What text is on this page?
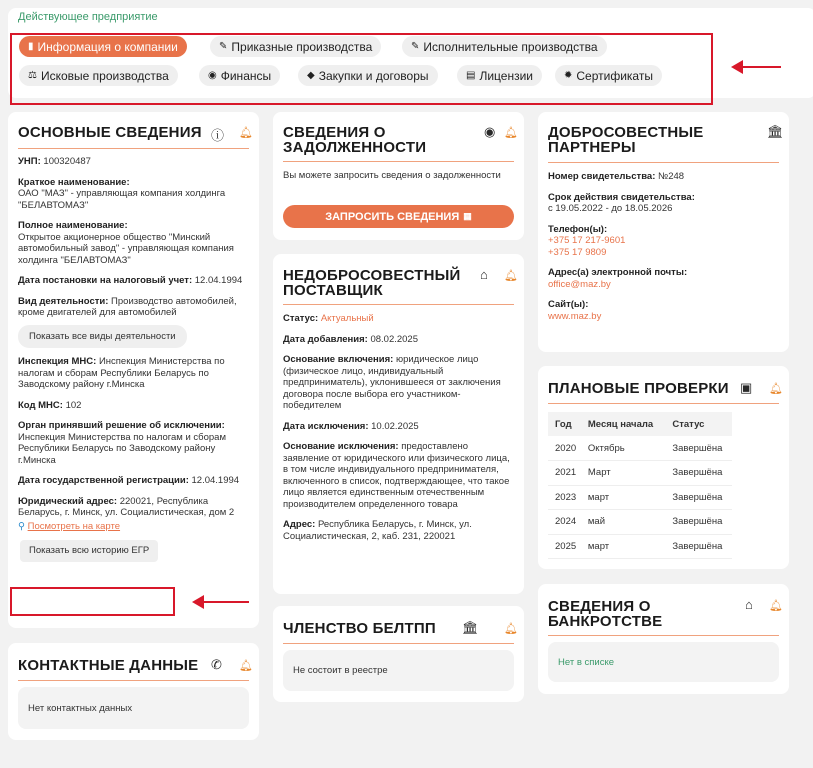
Действующее предприятие
▮ Информация о компании	✎ Приказные производства	✎ Исполнительные производства
⚖ Исковые производства	◉ Финансы	◆ Закупки и договоры	▤ Лицензии	✹ Сертификаты
ОСНОВНЫЕ СВЕДЕНИЯ ⓘ 🔔︎
УНП: 100320487
Краткое наименование:
ОАО "МАЗ" - управляющая компания холдинга "БЕЛАВТОМАЗ"
Полное наименование:
Открытое акционерное общество "Минский автомобильный завод" - управляющая компания холдинга "БЕЛАВТОМАЗ"
Дата постановки на налоговый учет: 12.04.1994
Вид деятельности: Производство автомобилей, кроме двигателей для автомобилей
Показать все виды деятельности
Инспекция МНС: Инспекция Министерства по налогам и сборам Республики Беларусь по Заводскому району г.Минска
Код МНС: 102
Орган принявший решение об исключении:
Инспекция Министерства по налогам и сборам Республики Беларусь по Заводскому району г.Минска
Дата государственной регистрации: 12.04.1994
Юридический адрес: 220021, Республика Беларусь, г. Минск, ул. Социалистическая, дом 2
⚲ Посмотреть на карте
Показать всю историю ЕГР
КОНТАКТНЫЕ ДАННЫЕ ✆ 🔔︎
Нет контактных данных
СВЕДЕНИЯ О
ЗАДОЛЖЕННОСТИ
◉ 🔔︎
Вы можете запросить сведения о задолженности
ЗАПРОСИТЬ СВЕДЕНИЯ ▦
НЕДОБРОСОВЕСТНЫЙ
ПОСТАВЩИК
⌂ 🔔︎
Статус: Актуальный
Дата добавления: 08.02.2025
Основание включения: юридическое лицо (физическое лицо, индивидуальный предприниматель), уклонившееся от заключения договора после выбора его участником-победителем
Дата исключения: 10.02.2025
Основание исключения: предоставлено заявление от юридического или физического лица, в том числе индивидуального предпринимателя, включенного в список, подтверждающее, что такое лицо является единственным отечественным производителем определенного товара
Адрес: Республика Беларусь, г. Минск, ул. Социалистическая, 2, каб. 231, 220021
ЧЛЕНСТВО БЕЛТПП 🏛︎ 🔔︎
Не состоит в реестре
ДОБРОСОВЕСТНЫЕ
ПАРТНЕРЫ
🏛︎
Номер свидетельства: №248
Срок действия свидетельства:
с 19.05.2022 - до 18.05.2026
Телефон(ы):
+375 17 217-9601
+375 17 9809
Адрес(а) электронной почты:
office@maz.by
Сайт(ы):
www.maz.by
ПЛАНОВЫЕ ПРОВЕРКИ ▣ 🔔︎
Год	Месяц начала	Статус
2020	Октябрь	Завершёна
2021	Март	Завершёна
2023	март	Завершёна
2024	май	Завершёна
2025	март	Завершёна
СВЕДЕНИЯ О
БАНКРОТСТВЕ
⌂ 🔔︎
Нет в списке
